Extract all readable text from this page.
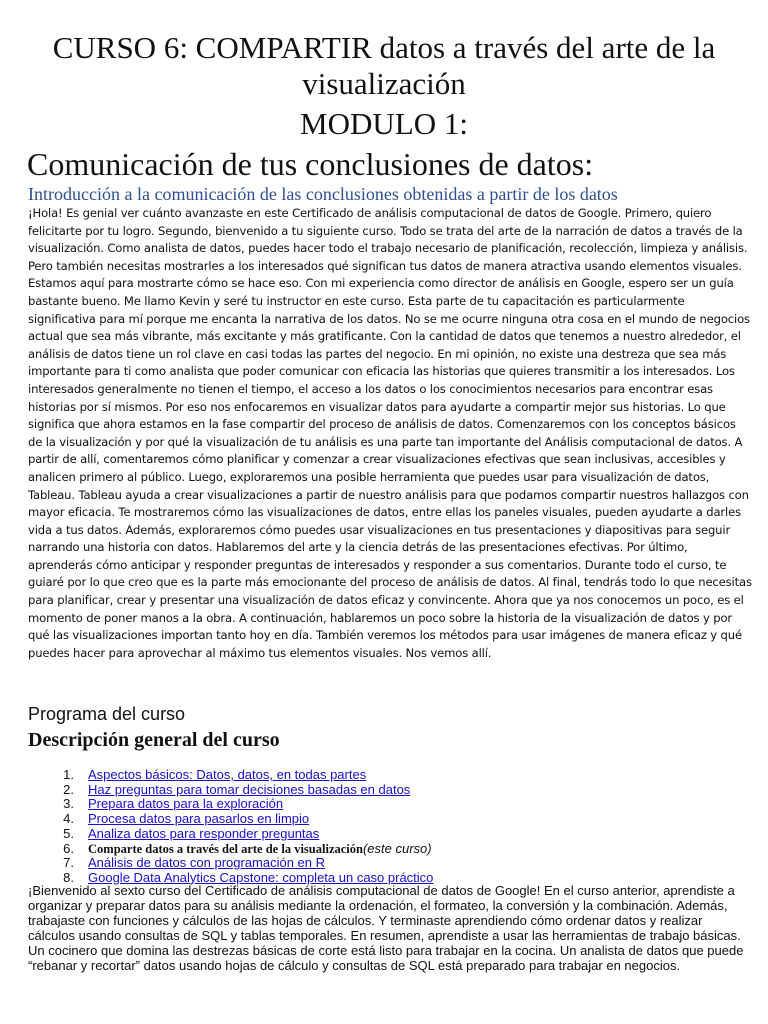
CURSO 6: COMPARTIR datos a través del arte de la visualización
MODULO 1:
Comunicación de tus conclusiones de datos:
Introducción a la comunicación de las conclusiones obtenidas a partir de los datos

¡Hola! Es genial ver cuánto avanzaste en este Certificado de análisis computacional de datos de Google. Primero, quiero felicitarte por tu logro. Segundo, bienvenido a tu siguiente curso. Todo se trata del arte de la narración de datos a través de la visualización. Como analista de datos, puedes hacer todo el trabajo necesario de planificación, recolección, limpieza y análisis. Pero también necesitas mostrarles a los interesados qué significan tus datos de manera atractiva usando elementos visuales. Estamos aquí para mostrarte cómo se hace eso. Con mi experiencia como director de análisis en Google, espero ser un guía bastante bueno. Me llamo Kevin y seré tu instructor en este curso. Esta parte de tu capacitación es particularmente significativa para mí porque me encanta la narrativa de los datos. No se me ocurre ninguna otra cosa en el mundo de negocios actual que sea más vibrante, más excitante y más gratificante. Con la cantidad de datos que tenemos a nuestro alrededor, el análisis de datos tiene un rol clave en casi todas las partes del negocio. En mi opinión, no existe una destreza que sea más importante para ti como analista que poder comunicar con eficacia las historias que quieres transmitir a los interesados. Los interesados generalmente no tienen el tiempo, el acceso a los datos o los conocimientos necesarios para encontrar esas historias por sí mismos. Por eso nos enfocaremos en visualizar datos para ayudarte a compartir mejor sus historias. Lo que significa que ahora estamos en la fase compartir del proceso de análisis de datos. Comenzaremos con los conceptos básicos de la visualización y por qué la visualización de tu análisis es una parte tan importante del Análisis computacional de datos. A partir de allí, comentaremos cómo planificar y comenzar a crear visualizaciones efectivas que sean inclusivas, accesibles y analicen primero al público. Luego, exploraremos una posible herramienta que puedes usar para visualización de datos, Tableau. Tableau ayuda a crear visualizaciones a partir de nuestro análisis para que podamos compartir nuestros hallazgos con mayor eficacia. Te mostraremos cómo las visualizaciones de datos, entre ellas los paneles visuales, pueden ayudarte a darles vida a tus datos. Además, exploraremos cómo puedes usar visualizaciones en tus presentaciones y diapositivas para seguir narrando una historia con datos. Hablaremos del arte y la ciencia detrás de las presentaciones efectivas. Por último, aprenderás cómo anticipar y responder preguntas de interesados y responder a sus comentarios. Durante todo el curso, te guiaré por lo que creo que es la parte más emocionante del proceso de análisis de datos. Al final, tendrás todo lo que necesitas para planificar, crear y presentar una visualización de datos eficaz y convincente. Ahora que ya nos conocemos un poco, es el momento de poner manos a la obra. A continuación, hablaremos un poco sobre la historia de la visualización de datos y por qué las visualizaciones importan tanto hoy en día. También veremos los métodos para usar imágenes de manera eficaz y qué puedes hacer para aprovechar al máximo tus elementos visuales. Nos vemos allí.

Programa del curso
Descripción general del curso
1.	Aspectos básicos: Datos, datos, en todas partes
2.	Haz preguntas para tomar decisiones basadas en datos
3.	Prepara datos para la exploración
4.	Procesa datos para pasarlos en limpio
5.	Analiza datos para responder preguntas
6.	Comparte datos a través del arte de la visualización(este curso)
7.	Análisis de datos con programación en R
8.	Google Data Analytics Capstone: completa un caso práctico

¡Bienvenido al sexto curso del Certificado de análisis computacional de datos de Google! En el curso anterior, aprendiste a organizar y preparar datos para su análisis mediante la ordenación, el formateo, la conversión y la combinación. Además, trabajaste con funciones y cálculos de las hojas de cálculos. Y terminaste aprendiendo cómo ordenar datos y realizar cálculos usando consultas de SQL y tablas temporales. En resumen, aprendiste a usar las herramientas de trabajo básicas. Un cocinero que domina las destrezas básicas de corte está listo para trabajar en la cocina. Un analista de datos que puede “rebanar y recortar” datos usando hojas de cálculo y consultas de SQL está preparado para trabajar en negocios.
